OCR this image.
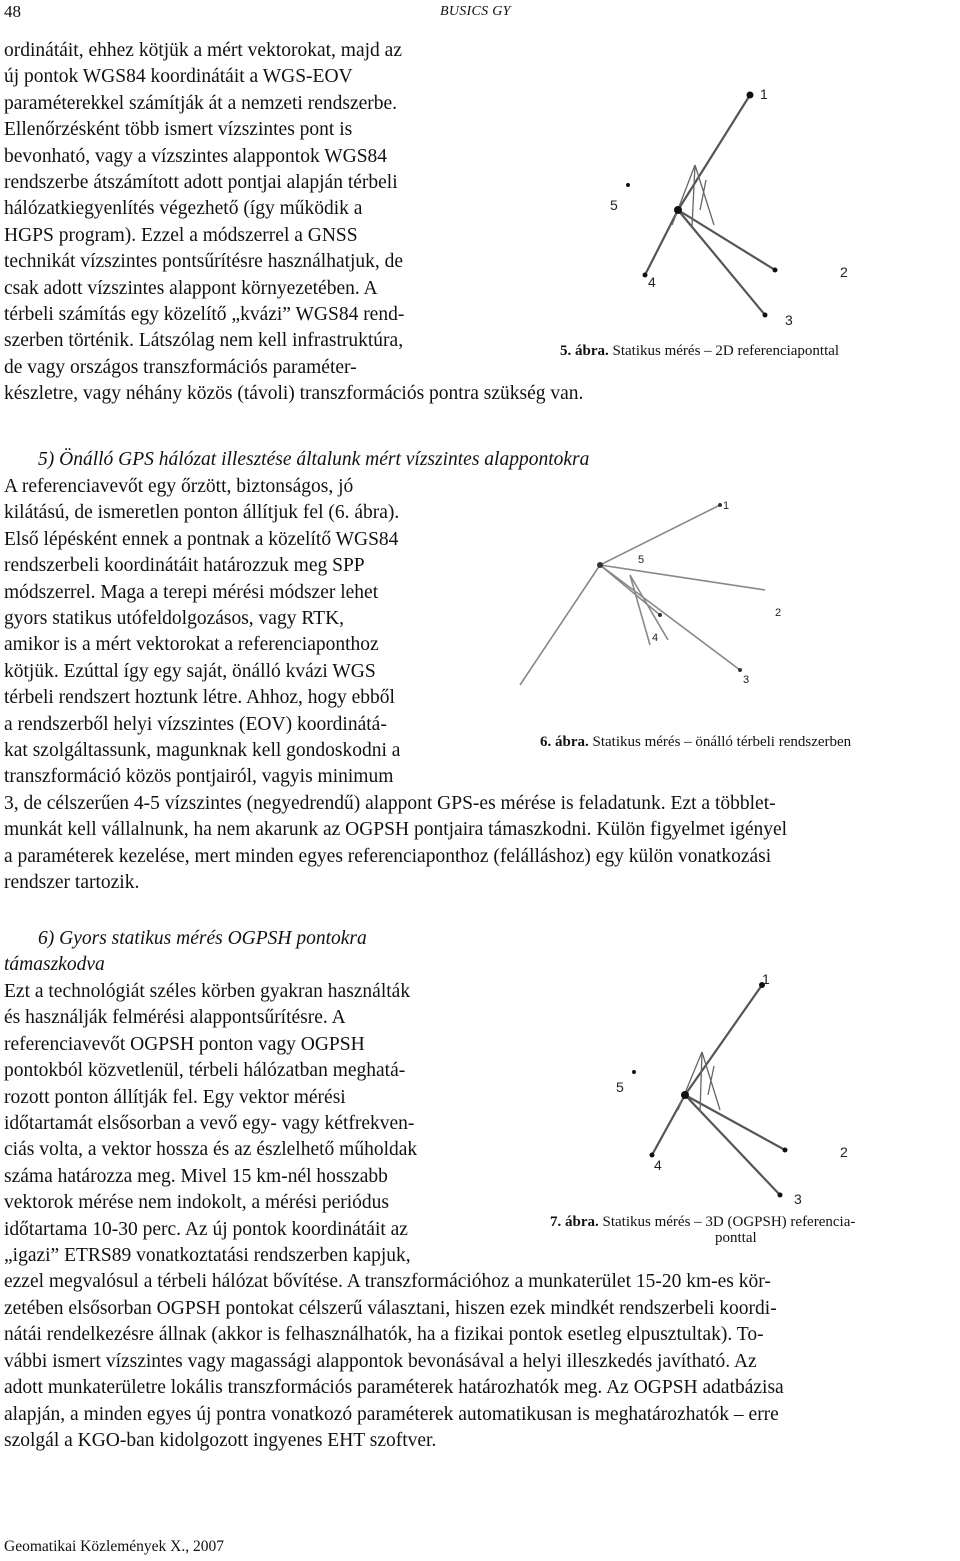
48	BUSICS GY

ordinátáit, ehhez kötjük a mért vektorokat, majd az

új pontok WGS84 koordinátáit a WGS-EOV

paraméterekkel számítják át a nemzeti rendszerbe.

Ellenőrzésként több ismert vízszintes pont is

bevonható, vagy a vízszintes alappontok WGS84

rendszerbe átszámított adott pontjai alapján térbeli

hálózatkiegyenlítés végezhető (így működik a

HGPS program). Ezzel a módszerrel a GNSS

technikát vízszintes pontsűrítésre használhatjuk, de

csak adott vízszintes alappont környezetében. A

térbeli számítás egy közelítő „kvázi” WGS84 rend-

szerben történik. Látszólag nem kell infrastruktúra,

de vagy országos transzformációs paraméter-

készletre, vagy néhány közös (távoli) transzformációs pontra szükség van.

1
2
3
4
5
5. ábra. Statikus mérés – 2D referenciaponttal
5) Önálló GPS hálózat illesztése általunk mért vízszintes alappontokra

A referenciavevőt egy őrzött, biztonságos, jó

kilátású, de ismeretlen ponton állítjuk fel (6. ábra).

Első lépésként ennek a pontnak a közelítő WGS84

rendszerbeli koordinátáit határozzuk meg SPP

módszerrel. Maga a terepi mérési módszer lehet

gyors statikus utófeldolgozásos, vagy RTK,

amikor is a mért vektorokat a referenciaponthoz

kötjük. Ezúttal így egy saját, önálló kvázi WGS

térbeli rendszert hoztunk létre. Ahhoz, hogy ebből

a rendszerből helyi vízszintes (EOV) koordinátá-

kat szolgáltassunk, magunknak kell gondoskodni a

transzformáció közös pontjairól, vagyis minimum

3, de célszerűen 4-5 vízszintes (negyedrendű) alappont GPS-es mérése is feladatunk. Ezt a többlet-

munkát kell vállalnunk, ha nem akarunk az OGPSH pontjaira támaszkodni. Külön figyelmet igényel

a paraméterek kezelése, mert minden egyes referenciaponthoz (felálláshoz) egy külön vonatkozási

rendszer tartozik.

1
2
3
4
5
6. ábra. Statikus mérés – önálló térbeli rendszerben

6) Gyors statikus mérés OGPSH pontokra

támaszkodva

Ezt a technológiát széles körben gyakran használták

és használják felmérési alappontsűrítésre. A

referenciavevőt OGPSH ponton vagy OGPSH

pontokból közvetlenül, térbeli hálózatban meghatá-

rozott ponton állítják fel. Egy vektor mérési

időtartamát elsősorban a vevő egy- vagy kétfrekven-

ciás volta, a vektor hossza és az észlelhető műholdak

száma határozza meg. Mivel 15 km-nél hosszabb

vektorok mérése nem indokolt, a mérési periódus

időtartama 10-30 perc. Az új pontok koordinátáit az

„igazi” ETRS89 vonatkoztatási rendszerben kapjuk,

ezzel megvalósul a térbeli hálózat bővítése. A transzformációhoz a munkaterület 15-20 km-es kör-

zetében elsősorban OGPSH pontokat célszerű választani, hiszen ezek mindkét rendszerbeli koordi-

nátái rendelkezésre állnak (akkor is felhasználhatók, ha a fizikai pontok esetleg elpusztultak). To-

vábbi ismert vízszintes vagy magassági alappontok bevonásával a helyi illeszkedés javítható. Az

adott munkaterületre lokális transzformációs paraméterek határozhatók meg. Az OGPSH adatbázisa

alapján, a minden egyes új pontra vonatkozó paraméterek automatikusan is meghatározhatók – erre

szolgál a KGO-ban kidolgozott ingyenes EHT szoftver.

1
2
3
4
5
7. ábra. Statikus mérés – 3D (OGPSH) referencia-
ponttal
Geomatikai Közlemények X., 2007
